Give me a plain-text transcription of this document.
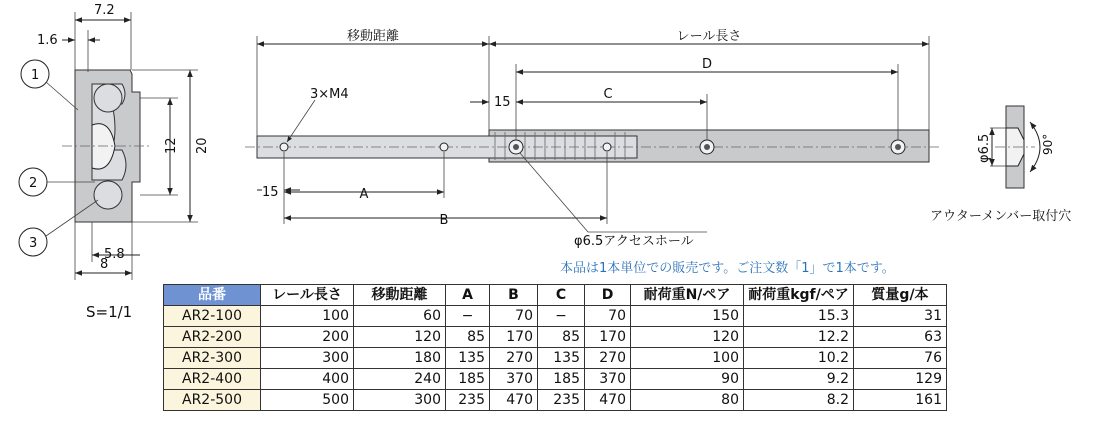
7.2
1.6
12 20
5.8
8
1
2
3
移動距離	レール長さ
D
C
15
3×M4
15	A
B
φ6.5アクセスホール
φ6.5	90°
アウターメンバー取付穴
S=1/1
本品は1本単位での販売です。ご注文数「1」で1本です。
品番	レール長さ	移動距離	A	B	C	D	耐荷重N/ペア	耐荷重kgf/ペア	質量g/本
AR2-100	100	60	−	70	−	70	150	15.3	31
AR2-200	200	120	85	170	85	170	120	12.2	63
AR2-300	300	180	135	270	135	270	100	10.2	76
AR2-400	400	240	185	370	185	370	90	9.2	129
AR2-500	500	300	235	470	235	470	80	8.2	161
